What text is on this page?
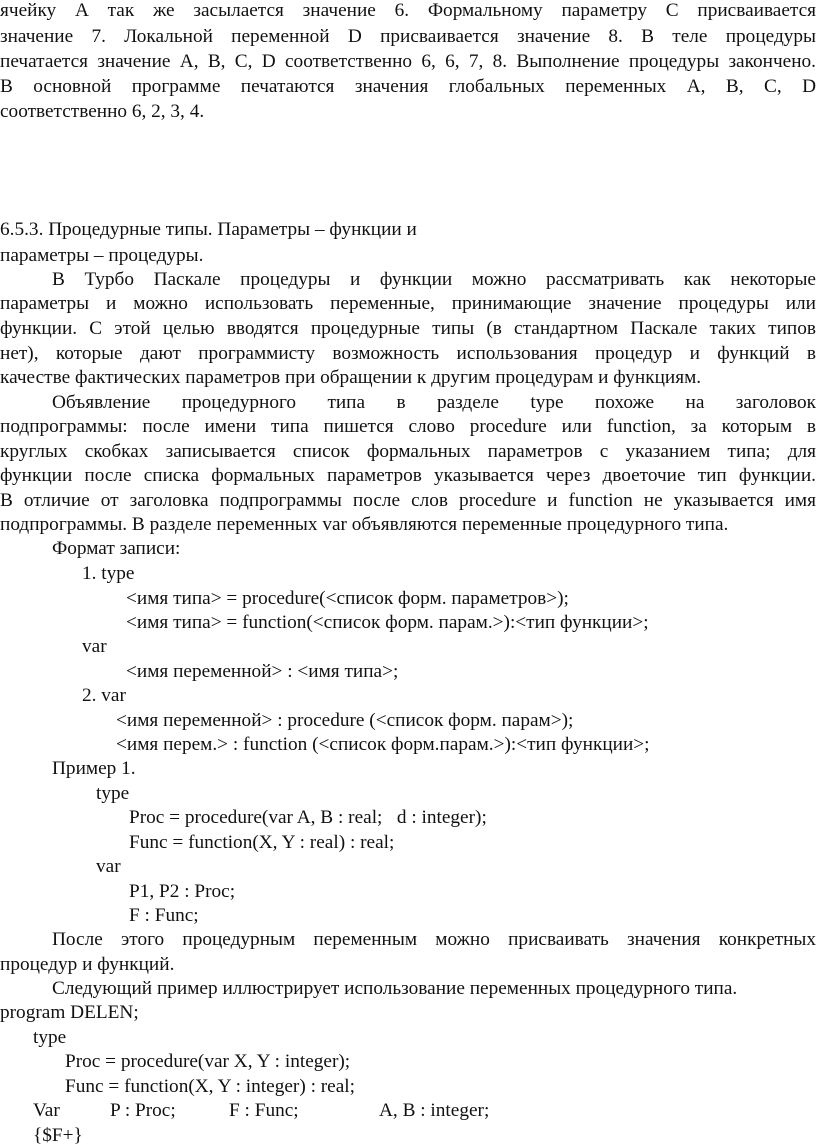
ячейку А так же засылается значение 6. Формальному параметру C присваивается

значение 7. Локальной переменной D присваивается значение 8. В теле процедуры

печатается значение A, B, C, D соответственно 6, 6, 7, 8. Выполнение процедуры закончено.

В основной программе печатаются значения глобальных переменных A, B, C, D

соответственно 6, 2, 3, 4.

6.5.3. Процедурные типы. Параметры – функции и

параметры – процедуры.

В Турбо Паскале процедуры и функции можно рассматривать как некоторые

параметры и можно использовать переменные, принимающие значение процедуры или

функции. С этой целью вводятся процедурные типы (в стандартном Паскале таких типов

нет), которые дают программисту возможность использования процедур и функций в

качестве фактических параметров при обращении к другим процедурам и функциям.

Объявление процедурного типа в разделе type похоже на заголовок

подпрограммы: после имени типа пишется слово procedure или function, за которым в

круглых скобках записывается список формальных параметров с указанием типа; для

функции после списка формальных параметров указывается через двоеточие тип функции.

В отличие от заголовка подпрограммы после слов procedure и function не указывается имя

подпрограммы. В разделе переменных var объявляются переменные процедурного типа.

Формат записи:

1. type

<имя типа> = procedure(<список форм. параметров>);

<имя типа> = function(<список форм. парам.>):<тип функции>;

var

<имя переменной> : <имя типа>;

2. var

<имя переменной> : procedure (<список форм. парам>);

<имя перем.> : function (<список форм.парам.>):<тип функции>;

Пример 1.

type

Proc = procedure(var A, B : real;   d : integer);

Func = function(X, Y : real) : real;

var

P1, P2 : Proc;

F : Func;

После этого процедурным переменным можно присваивать значения конкретных

процедур и функций.

Следующий пример иллюстрирует использование переменных процедурного типа.

program DELEN;

type

Proc = procedure(var X, Y : integer);

Func = function(X, Y : integer) : real;

Var	P : Proc;	F : Func;	A, B : integer;

{$F+}
